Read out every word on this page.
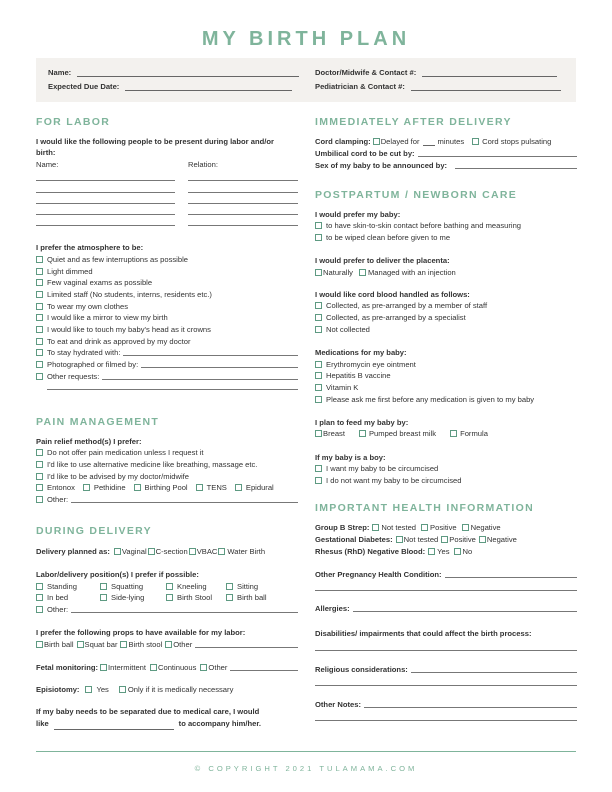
MY BIRTH PLAN
Name:
Expected Due Date:
Doctor/Midwife & Contact #:
Pediatrician & Contact #:
FOR LABOR
I would like the following people to be present during labor and/or birth:
Name:	Relation:
I prefer the atmosphere to be:
Quiet and as few interruptions as possible
Light dimmed
Few vaginal exams as possible
Limited staff (No students, interns, residents etc.)
To wear my own clothes
I would like a mirror to view my birth
I would like to touch my baby's head as it crowns
To eat and drink as approved by my doctor
To stay hydrated with:
Photographed or filmed by:
Other requests:
PAIN MANAGEMENT
Pain relief method(s) I prefer:
Do not offer pain medication unless I request it
I'd like to use alternative medicine like breathing, massage etc.
I'd like to be advised by my doctor/midwife
Entonox	Pethidine	Birthing Pool	TENS	Epidural
Other:
DURING DELIVERY
Delivery planned as: Vaginal C-section VBAC Water Birth
Labor/delivery position(s) I prefer if possible:
Standing	Squatting	Kneeling	Sitting
In bed	Side-lying	Birth Stool	Birth ball
Other:
I prefer the following props to have available for my labor:
Birth ball Squat bar Birth stool Other
Fetal monitoring: Intermittent Continuous Other
Episiotomy: Yes	Only if it is medically necessary
If my baby needs to be separated due to medical care, I would
like	to accompany him/her.
IMMEDIATELY AFTER DELIVERY
Cord clamping: Delayed for minutes Cord stops pulsating
Umbilical cord to be cut by:
Sex of my baby to be announced by:
POSTPARTUM / NEWBORN CARE
I would prefer my baby:
to have skin-to-skin contact before bathing and measuring
to be wiped clean before given to me
I would prefer to deliver the placenta:
Naturally Managed with an injection
I would like cord blood handled as follows:
Collected, as pre-arranged by a member of staff
Collected, as pre-arranged by a specialist
Not collected
Medications for my baby:
Erythromycin eye ointment
Hepatitis B vaccine
Vitamin K
Please ask me first before any medication is given to my baby
I plan to feed my baby by:
Breast	Pumped breast milk	Formula
If my baby is a boy:
I want my baby to be circumcised
I do not want my baby to be circumcised
IMPORTANT HEALTH INFORMATION
Group B Strep: Not tested Positive Negative
Gestational Diabetes: Not tested Positive Negative
Rhesus (RhD) Negative Blood: Yes No
Other Pregnancy Health Condition:
Allergies:
Disabilities/ impairments that could affect the birth process:
Religious considerations:
Other Notes:
© COPYRIGHT 2021 TULAMAMA.COM
